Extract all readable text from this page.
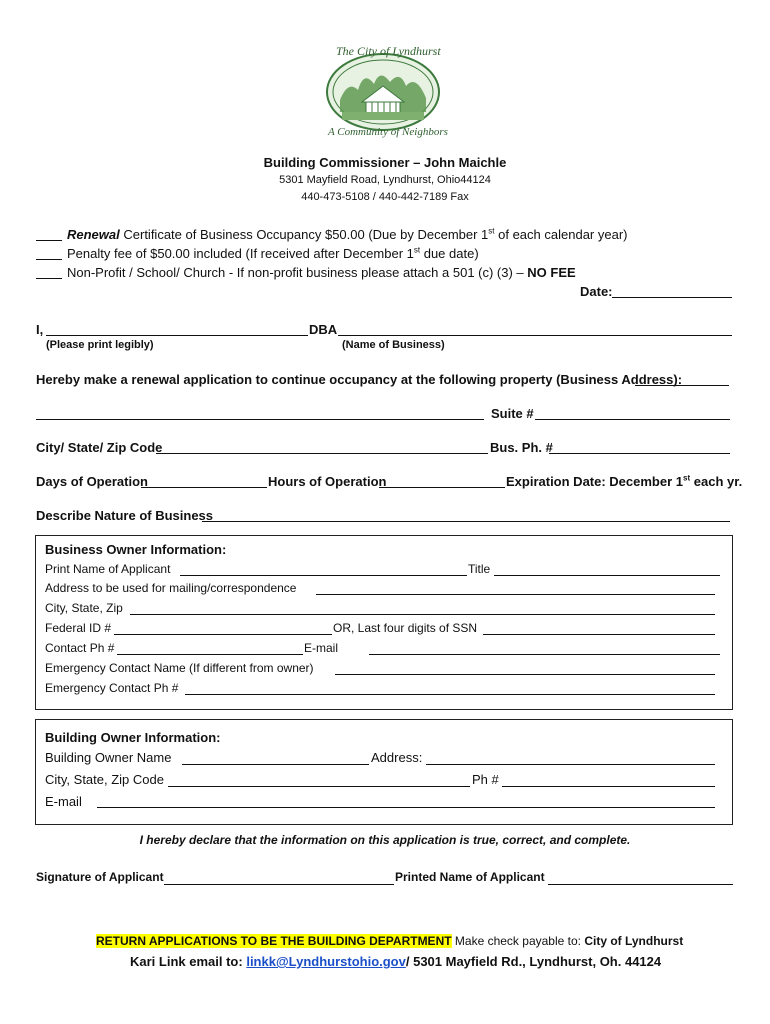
The City of Lyndhurst
A Community of Neighbors
Building Commissioner – John Maichle
5301 Mayfield Road, Lyndhurst, Ohio44124
440-473-5108 / 440-442-7189 Fax
Renewal Certificate of Business Occupancy $50.00 (Due by December 1st of each calendar year)
Penalty fee of $50.00 included (If received after December 1st due date)
Non-Profit / School/ Church - If non-profit business please attach a 501 (c) (3) – NO FEE
Date:
I,	DBA
(Please print legibly)	(Name of Business)
Hereby make a renewal application to continue occupancy at the following property (Business Address):
Suite #
City/ State/ Zip Code	Bus. Ph. #
Days of Operation	Hours of Operation	Expiration Date: December 1st each yr.
Describe Nature of Business
Business Owner Information:
Print Name of Applicant	Title
Address to be used for mailing/correspondence
City, State, Zip
Federal ID #	OR, Last four digits of SSN
Contact Ph #	E-mail
Emergency Contact Name (If different from owner)
Emergency Contact Ph #
Building Owner Information:
Building Owner Name	Address:
City, State, Zip Code	Ph #
E-mail
I hereby declare that the information on this application is true, correct, and complete.
Signature of Applicant	Printed Name of Applicant
RETURN APPLICATIONS TO BE THE BUILDING DEPARTMENT Make check payable to: City of Lyndhurst
Kari Link email to: linkk@Lyndhurstohio.gov/ 5301 Mayfield Rd., Lyndhurst, Oh. 44124
